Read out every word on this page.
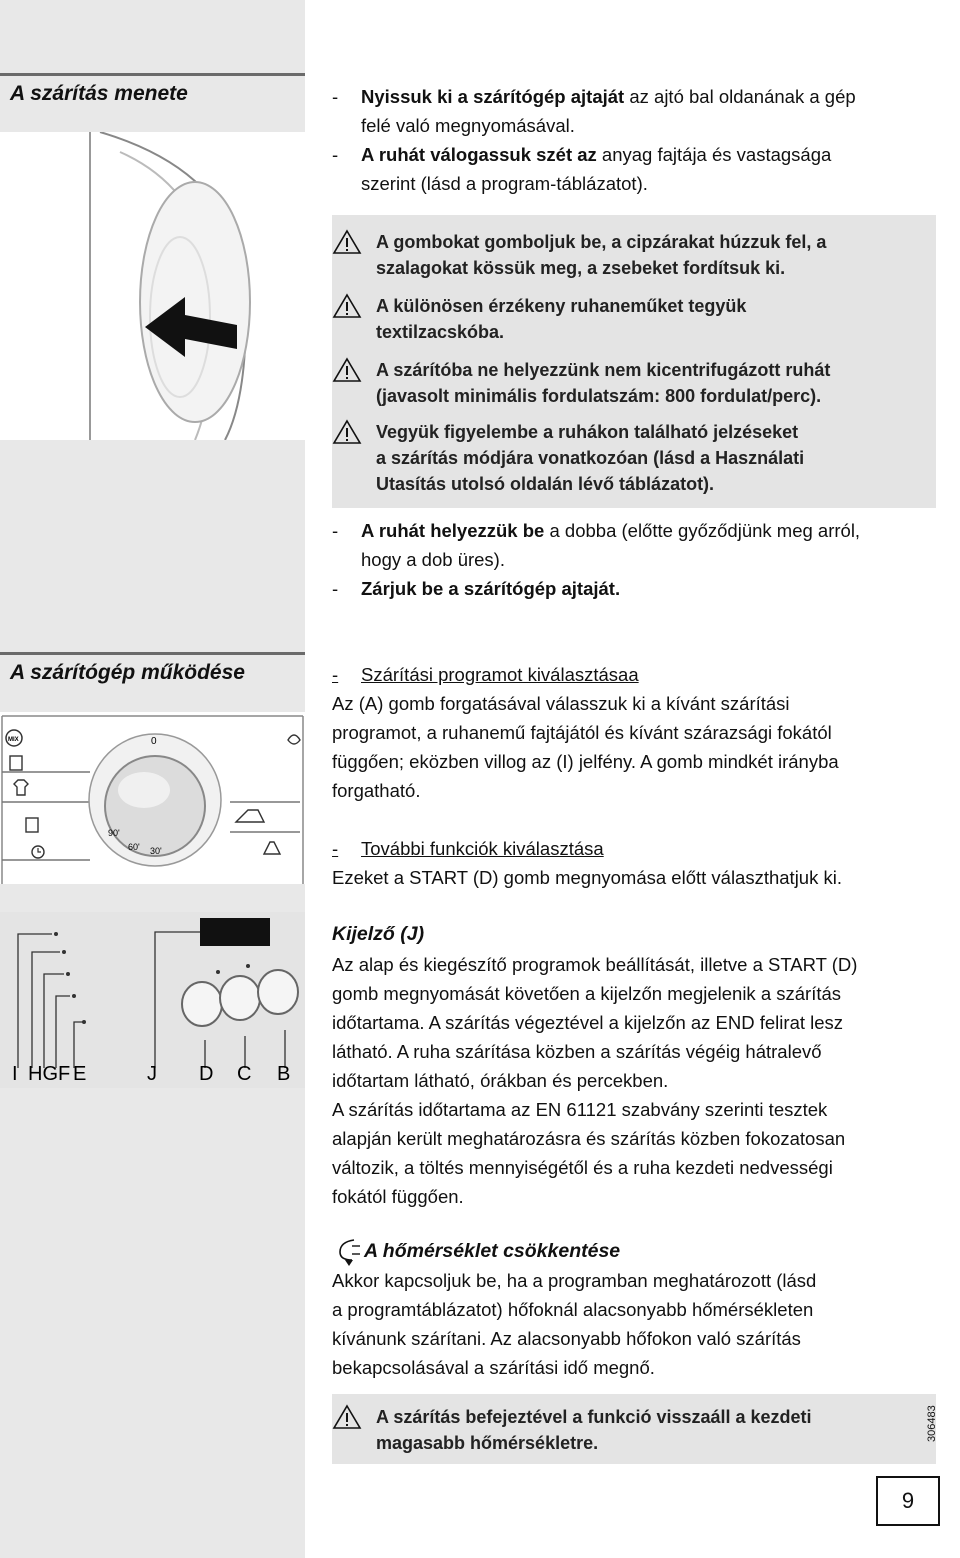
A szárítás menete	-	Nyissuk ki a szárítógép ajtaját az ajtó bal oldanának a gép
felé való megnyomásával.
-	A ruhát válogassuk szét az anyag fajtája és vastagsága
szerint (lásd a program-táblázatot).
A gombokat gomboljuk be, a cipzárakat húzzuk fel, a
szalagokat kössük meg, a zsebeket fordítsuk ki.
A különösen érzékeny ruhaneműket tegyük
textilzacskóba.
A szárítóba ne helyezzünk nem kicentrifugázott ruhát
(javasolt minimális fordulatszám: 800 fordulat/perc).
Vegyük figyelembe a ruhákon található jelzéseket
a szárítás módjára vonatkozóan (lásd a Használati
Utasítás utolsó oldalán lévő táblázatot).
-	A ruhát helyezzük be a dobba (előtte győződjünk meg arról,
hogy a dob üres).
-	Zárjuk be a szárítógép ajtaját.
A szárítógép működése
MIX	0
90'
60' 30'
I HGF E	J D C B
-	Szárítási programot kiválasztásaa
Az (A) gomb forgatásával válasszuk ki a kívánt szárítási
programot, a ruhanemű fajtájától és kívánt szárazsági fokától
függően; eközben villog az (I) jelfény. A gomb mindkét irányba
forgatható.
-	További funkciók kiválasztása
Ezeket a START (D) gomb megnyomása előtt választhatjuk ki.
Kijelző (J)
Az alap és kiegészítő programok beállítását, illetve a START (D)
gomb megnyomását követően a kijelzőn megjelenik a szárítás
időtartama. A szárítás végeztével a kijelzőn az END felirat lesz
látható. A ruha szárítása közben a szárítás végéig hátralevő
időtartam látható, órákban és percekben.
A szárítás időtartama az EN 61121 szabvány szerinti tesztek
alapján került meghatározásra és szárítás közben fokozatosan
változik, a töltés mennyiségétől és a ruha kezdeti nedvességi
fokától függően.
A hőmérséklet csökkentése
Akkor kapcsoljuk be, ha a programban meghatározott (lásd
a programtáblázatot) hőfoknál alacsonyabb hőmérsékleten
kívánunk szárítani. Az alacsonyabb hőfokon való szárítás
bekapcsolásával a szárítási idő megnő.
A szárítás befejeztével a funkció visszaáll a kezdeti
magasabb hőmérsékletre.
306483
9
